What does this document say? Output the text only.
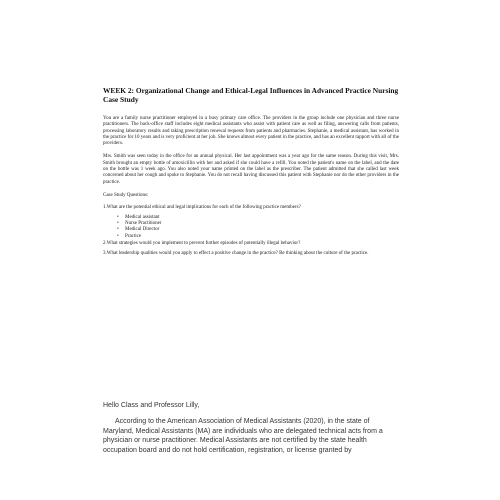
WEEK 2: Organizational Change and Ethical-Legal Influences in Advanced Practice Nursing Case Study

You are a family nurse practitioner employed in a busy primary care office. The providers in the group include one physician and three nurse practitioners. The back-office staff includes eight medical assistants who assist with patient care as well as filing, answering calls from patients, processing laboratory results and taking prescription renewal requests from patients and pharmacies. Stephanie, a medical assistant, has worked in the practice for 10 years and is very proficient at her job. She knows almost every patient in the practice, and has an excellent rapport with all of the providers.

Mrs. Smith was seen today in the office for an annual physical. Her last appointment was a year ago for the same reason. During this visit, Mrs. Smith brought an empty bottle of amoxicillin with her and asked if she could have a refill. You noted the patient's name on the label, and the date on the bottle was 1 week ago. You also noted your name printed on the label as the prescriber. The patient admitted that she called last week concerned about her cough and spoke to Stephanie. You do not recall having discussed this patient with Stephanie nor do the other providers in the practice.

Case Study Questions:

1.What are the potential ethical and legal implications for each of the following practice members?

• Medical assistant
• Nurse Practitioner
• Medical Director
• Practice

2.What strategies would you implement to prevent further episodes of potentially illegal behavior?

3.What leadership qualities would you apply to effect a positive change in the practice? Be thinking about the culture of the practice.

Hello Class and Professor Lilly,

According to the American Association of Medical Assistants (2020), in the state of Maryland, Medical Assistants (MA) are individuals who are delegated technical acts from a physician or nurse practitioner. Medical Assistants are not certified by the state health occupation board and do not hold certification, registration, or license granted by
